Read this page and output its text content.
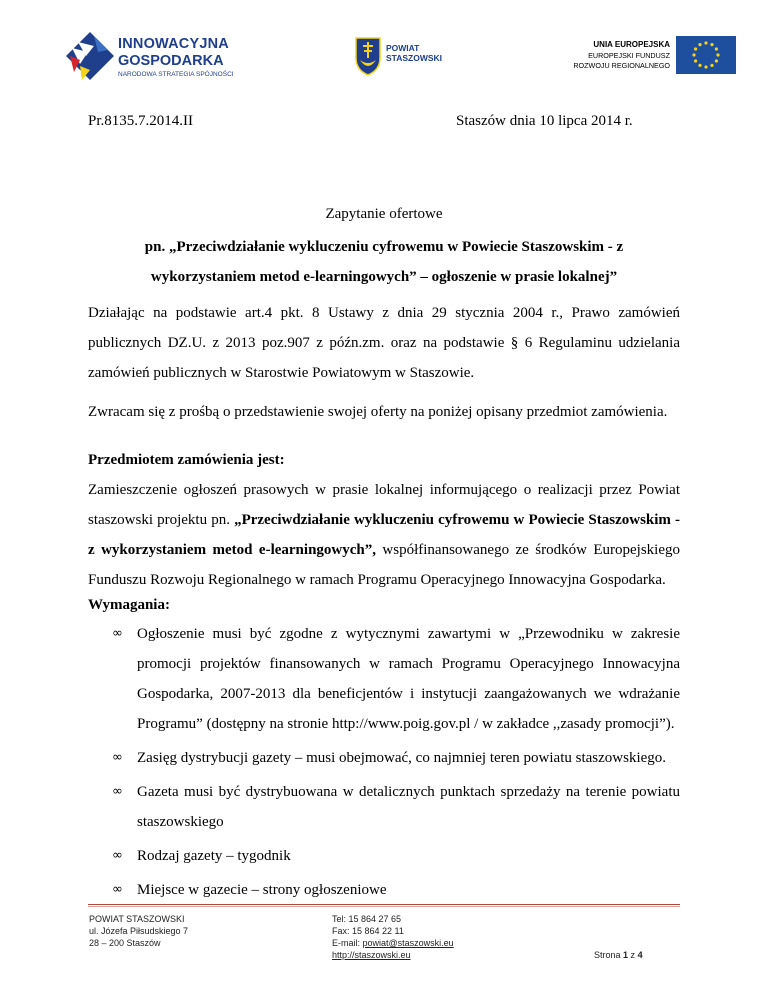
INNOWACYJNA
GOSPODARKA
NARODOWA STRATEGIA SPÓJNOŚCI
POWIAT
STASZOWSKI
UNIA EUROPEJSKA
EUROPEJSKI FUNDUSZ
ROZWOJU REGIONALNEGO
Pr.8135.7.2014.II	Staszów dnia 10 lipca 2014 r.
Zapytanie ofertowe
pn. „Przeciwdziałanie wykluczeniu cyfrowemu w Powiecie Staszowskim - z wykorzystaniem metod e-learningowych” – ogłoszenie w prasie lokalnej”
Działając na podstawie art.4 pkt. 8 Ustawy z dnia 29 stycznia 2004 r., Prawo zamówień publicznych DZ.U. z 2013 poz.907 z późn.zm. oraz na podstawie § 6 Regulaminu udzielania zamówień publicznych w Starostwie Powiatowym w Staszowie.
Zwracam się z prośbą o przedstawienie swojej oferty na poniżej opisany przedmiot zamówienia.
Przedmiotem zamówienia jest:
Zamieszczenie ogłoszeń prasowych w prasie lokalnej informującego o realizacji przez Powiat staszowski projektu pn. „Przeciwdziałanie wykluczeniu cyfrowemu w Powiecie Staszowskim - z wykorzystaniem metod e-learningowych”, współfinansowanego ze środków Europejskiego Funduszu Rozwoju Regionalnego w ramach Programu Operacyjnego Innowacyjna Gospodarka.
Wymagania:
∞ Ogłoszenie musi być zgodne z wytycznymi zawartymi w „Przewodniku w zakresie promocji projektów finansowanych w ramach Programu Operacyjnego Innowacyjna Gospodarka, 2007-2013 dla beneficjentów i instytucji zaangażowanych we wdrażanie Programu” (dostępny na stronie http://www.poig.gov.pl / w zakładce ,,zasady promocji”).
∞ Zasięg dystrybucji gazety – musi obejmować, co najmniej teren powiatu staszowskiego.
∞ Gazeta musi być dystrybuowana w detalicznych punktach sprzedaży na terenie powiatu staszowskiego
∞ Rodzaj gazety – tygodnik
∞ Miejsce w gazecie – strony ogłoszeniowe
POWIAT STASZOWSKI
ul. Józefa Piłsudskiego 7
28 – 200 Staszów
Tel: 15 864 27 65
Fax: 15 864 22 11
E-mail: powiat@staszowski.eu
http://staszowski.eu	Strona 1 z 4
